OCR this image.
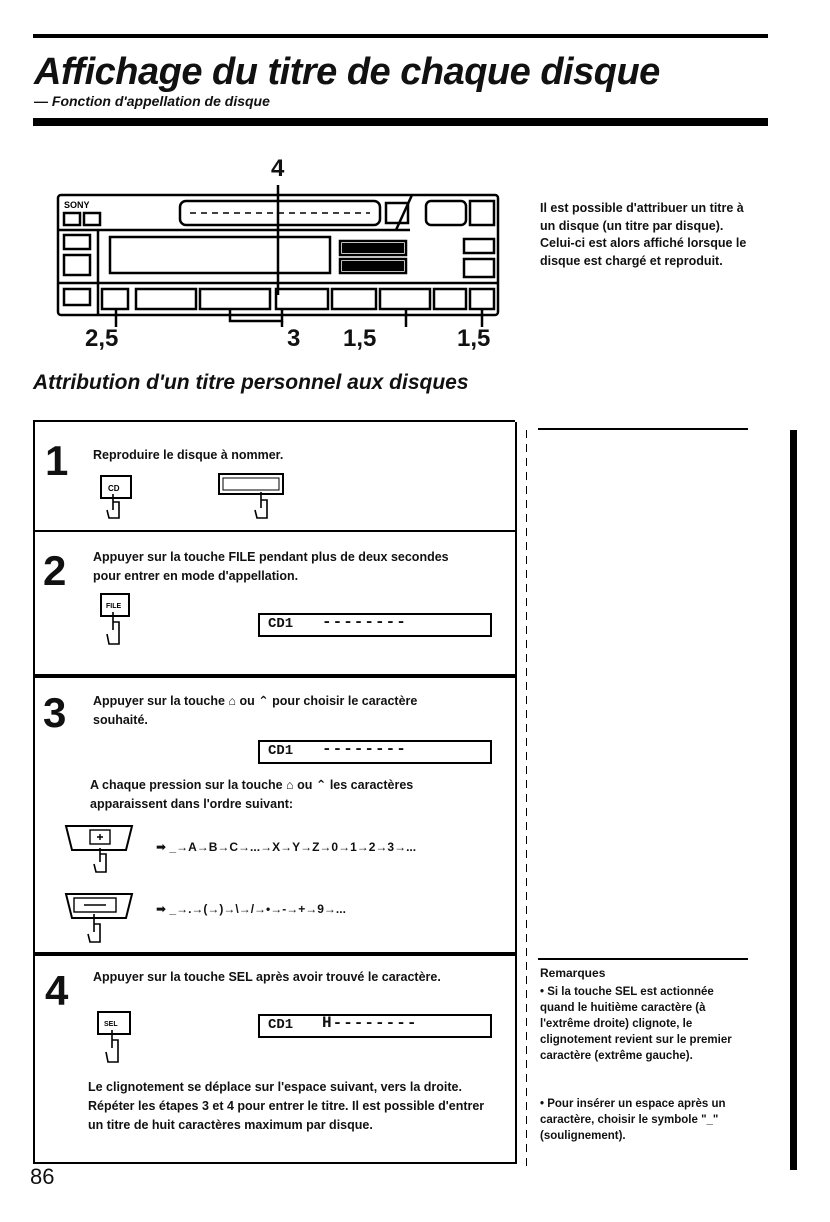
Affichage du titre de chaque disque
— Fonction d'appellation de disque
SONY
4
2,5	3 1,5	1,5
Il est possible d'attribuer un titre à un disque (un titre par disque). Celui-ci est alors affiché lorsque le disque est chargé et reproduit.
Attribution d'un titre personnel aux disques
1 Reproduire le disque à nommer.
CD
2 Appuyer sur la touche FILE pendant plus de deux secondes pour entrer en mode d'appellation.
FILE
CD1 --------
3 Appuyer sur la touche ⌂ ou ⌃ pour choisir le caractère souhaité.
CD1 --------
A chaque pression sur la touche ⌂ ou ⌃ les caractères apparaissent dans l'ordre suivant:
➡ _→A→B→C→...→X→Y→Z→0→1→2→3→...
➡ _→.→(→)→\→/→•→-→+→9→...
4 Appuyer sur la touche SEL après avoir trouvé le caractère.
SEL	CD1 H--------
Le clignotement se déplace sur l'espace suivant, vers la droite. Répéter les étapes 3 et 4 pour entrer le titre. Il est possible d'entrer un titre de huit caractères maximum par disque.
Remarques
• Si la touche SEL est actionnée quand le huitième caractère (à l'extrême droite) clignote, le clignotement revient sur le premier caractère (extrême gauche).
• Pour insérer un espace après un caractère, choisir le symbole "_" (soulignement).
86
